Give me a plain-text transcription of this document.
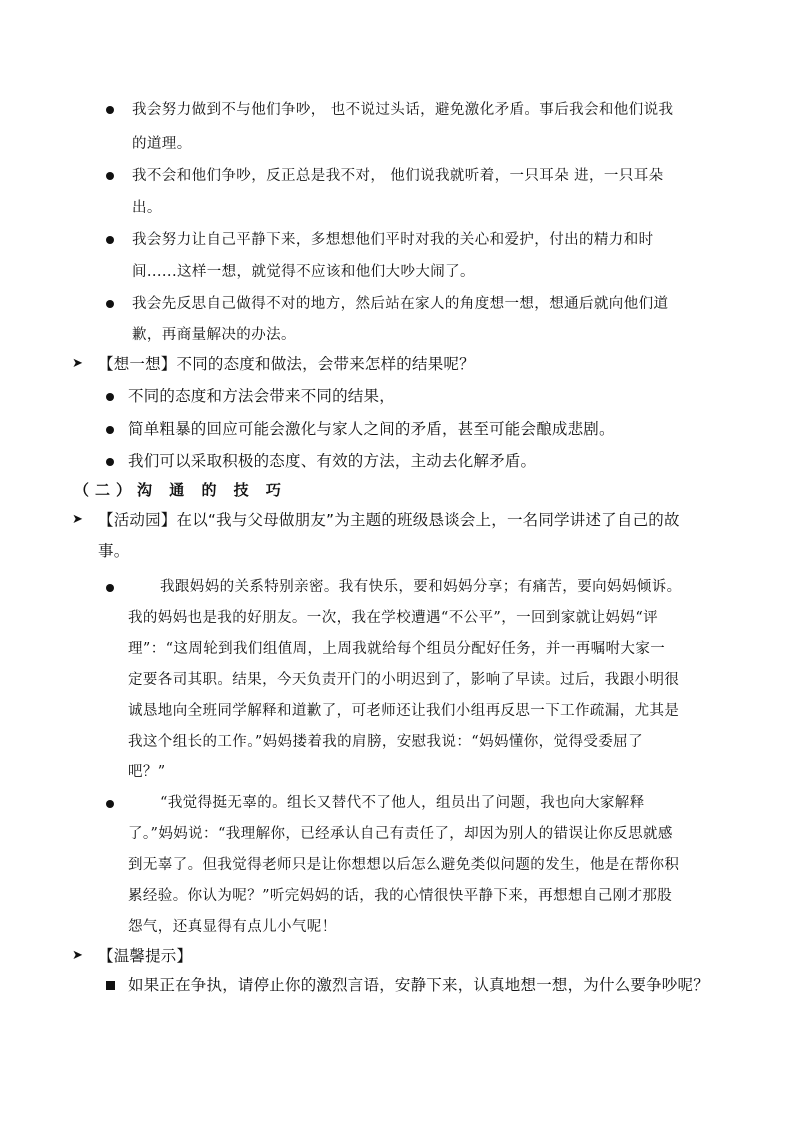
我会努力做到不与他们争吵， 也不说过头话，避免激化矛盾。事后我会和他们说我
的道理。
我不会和他们争吵，反正总是我不对， 他们说我就听着，一只耳朵 进，一只耳朵
出。
我会努力让自己平静下来，多想想他们平时对我的关心和爱护，付出的精力和时
间......这样一想，就觉得不应该和他们大吵大闹了。
我会先反思自己做得不对的地方，然后站在家人的角度想一想，想通后就向他们道
歉，再商量解决的办法。
➤ 【想一想】不同的态度和做法，会带来怎样的结果呢？
不同的态度和方法会带来不同的结果，
简单粗暴的回应可能会激化与家人之间的矛盾，甚至可能会酿成悲剧。
我们可以采取积极的态度、有效的方法，主动去化解矛盾。
（二）沟 通 的 技 巧
➤ 【活动园】在以“我与父母做朋友”为主题的班级恳谈会上，一名同学讲述了自己的故
事。
我跟妈妈的关系特别亲密。我有快乐，要和妈妈分享；有痛苦，要向妈妈倾诉。
我的妈妈也是我的好朋友。一次，我在学校遭遇“不公平”，一回到家就让妈妈“评
理”：“这周轮到我们组值周，上周我就给每个组员分配好任务，并一再嘱咐大家一
定要各司其职。结果，今天负责开门的小明迟到了，影响了早读。过后，我跟小明很
诚恳地向全班同学解释和道歉了，可老师还让我们小组再反思一下工作疏漏，尤其是
我这个组长的工作。”妈妈搂着我的肩膀，安慰我说：“妈妈懂你，觉得受委屈了
吧？”
“我觉得挺无辜的。组长又替代不了他人，组员出了问题，我也向大家解释
了。”妈妈说：“我理解你，已经承认自己有责任了，却因为别人的错误让你反思就感
到无辜了。但我觉得老师只是让你想想以后怎么避免类似问题的发生，他是在帮你积
累经验。你认为呢？”听完妈妈的话，我的心情很快平静下来，再想想自己刚才那股
怨气，还真显得有点儿小气呢！
➤ 【温馨提示】
如果正在争执，请停止你的激烈言语，安静下来，认真地想一想，为什么要争吵呢？
